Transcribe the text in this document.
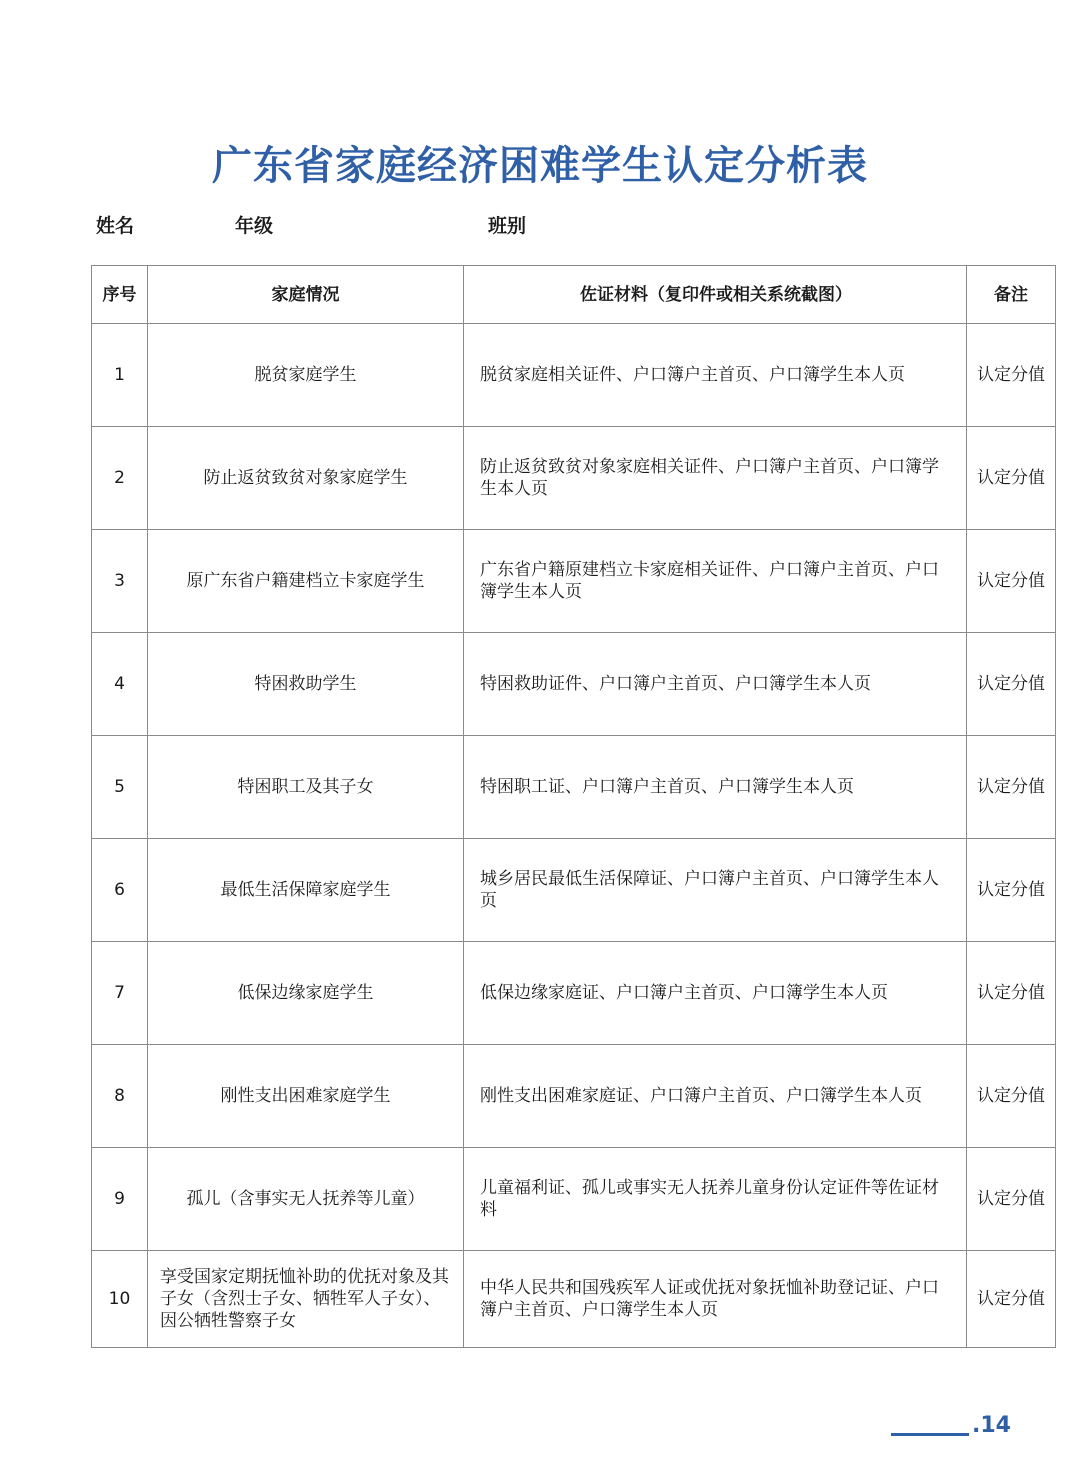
广东省家庭经济困难学生认定分析表
姓名	年级	班别
序号	家庭情况	佐证材料（复印件或相关系统截图）	备注
1	脱贫家庭学生	脱贫家庭相关证件、户口簿户主首页、户口簿学生本人页	认定分值
2	防止返贫致贫对象家庭学生	防止返贫致贫对象家庭相关证件、户口簿户主首页、户口簿学生本人页	认定分值
3	原广东省户籍建档立卡家庭学生	广东省户籍原建档立卡家庭相关证件、户口簿户主首页、户口簿学生本人页	认定分值
4	特困救助学生	特困救助证件、户口簿户主首页、户口簿学生本人页	认定分值
5	特困职工及其子女	特困职工证、户口簿户主首页、户口簿学生本人页	认定分值
6	最低生活保障家庭学生	城乡居民最低生活保障证、户口簿户主首页、户口簿学生本人页	认定分值
7	低保边缘家庭学生	低保边缘家庭证、户口簿户主首页、户口簿学生本人页	认定分值
8	刚性支出困难家庭学生	刚性支出困难家庭证、户口簿户主首页、户口簿学生本人页	认定分值
9	孤儿（含事实无人抚养等儿童）	儿童福利证、孤儿或事实无人抚养儿童身份认定证件等佐证材料	认定分值
10	享受国家定期抚恤补助的优抚对象及其子女（含烈士子女、牺牲军人子女）、因公牺牲警察子女	中华人民共和国残疾军人证或优抚对象抚恤补助登记证、户口簿户主首页、户口簿学生本人页	认定分值
.14
